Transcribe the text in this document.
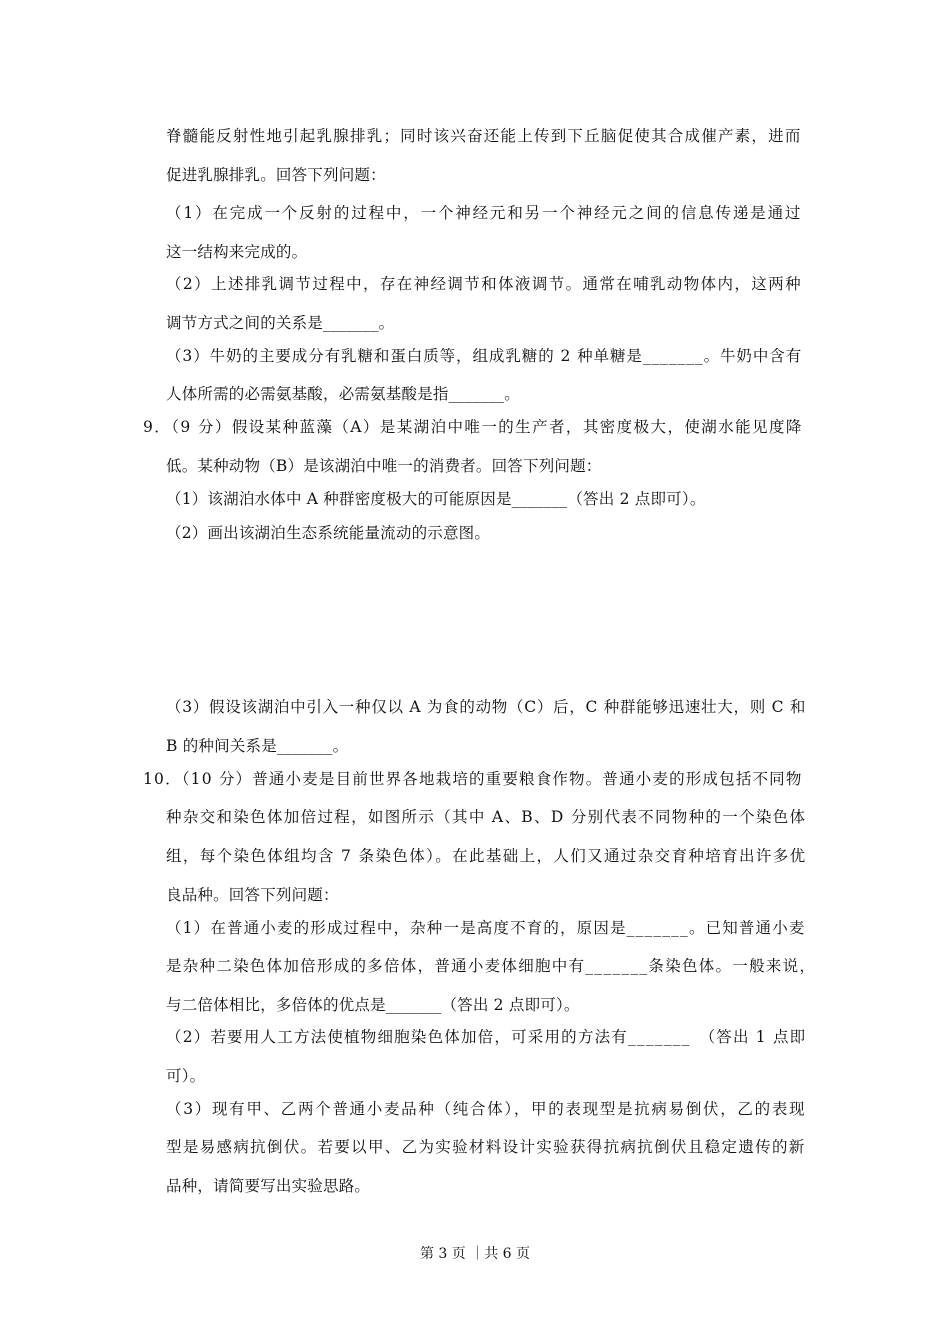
脊髓能反射性地引起乳腺排乳；同时该兴奋还能上传到下丘脑促使其合成催产素，进而
促进乳腺排乳。回答下列问题：
（1）在完成一个反射的过程中，一个神经元和另一个神经元之间的信息传递是通过
这一结构来完成的。
（2）上述排乳调节过程中，存在神经调节和体液调节。通常在哺乳动物体内，这两种
调节方式之间的关系是_______。
（3）牛奶的主要成分有乳糖和蛋白质等，组成乳糖的 2 种单糖是_______。牛奶中含有
人体所需的必需氨基酸，必需氨基酸是指_______。
9．（9 分）假设某种蓝藻（A）是某湖泊中唯一的生产者，其密度极大，使湖水能见度降
低。某种动物（B）是该湖泊中唯一的消费者。回答下列问题：
（1）该湖泊水体中 A 种群密度极大的可能原因是_______（答出 2 点即可）。
（2）画出该湖泊生态系统能量流动的示意图。
（3）假设该湖泊中引入一种仅以 A 为食的动物（C）后，C 种群能够迅速壮大，则 C 和
B 的种间关系是_______。
10．（10 分）普通小麦是目前世界各地栽培的重要粮食作物。普通小麦的形成包括不同物
种杂交和染色体加倍过程，如图所示（其中 A、B、D 分别代表不同物种的一个染色体
组，每个染色体组均含 7 条染色体）。在此基础上，人们又通过杂交育种培育出许多优
良品种。回答下列问题：
（1）在普通小麦的形成过程中，杂种一是高度不育的，原因是_______。已知普通小麦
是杂种二染色体加倍形成的多倍体，普通小麦体细胞中有_______条染色体。一般来说，
与二倍体相比，多倍体的优点是_______（答出 2 点即可）。
（2）若要用人工方法使植物细胞染色体加倍，可采用的方法有_______　（答出 1 点即
可）。
（3）现有甲、乙两个普通小麦品种（纯合体），甲的表现型是抗病易倒伏，乙的表现
型是易感病抗倒伏。若要以甲、乙为实验材料设计实验获得抗病抗倒伏且稳定遗传的新
品种，请简要写出实验思路。
第 3 页 ｜共 6 页
